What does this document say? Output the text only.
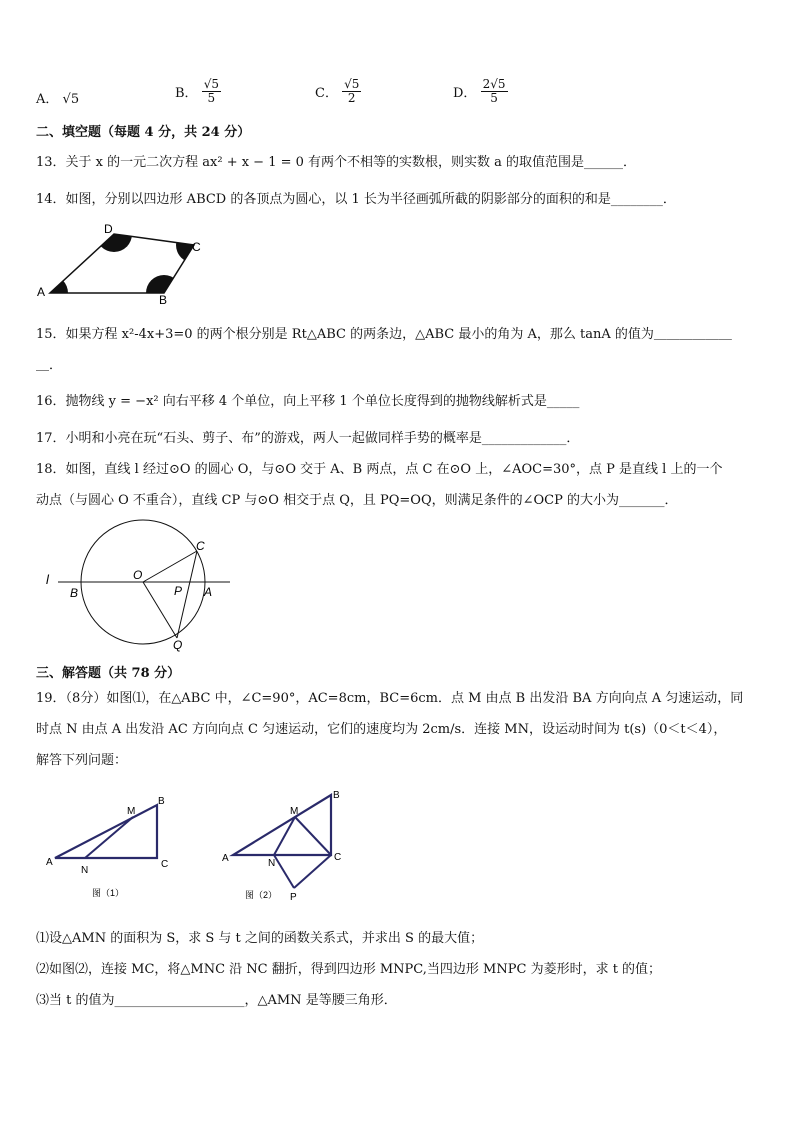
A． √5	B． $\frac{√5}{5}$	C． $\frac{√5}{2}$	D． $\frac{2√5}{5}$
二、填空题（每题 4 分，共 24 分）
13．关于 x 的一元二次方程 ax² + x − 1 = 0 有两个不相等的实数根，则实数 a 的取值范围是______．
14．如图，分别以四边形 ABCD 的各顶点为圆心，以 1 长为半径画弧所截的阴影部分的面积的和是________．
A
B
C
D
15．如果方程 x²-4x+3=0 的两个根分别是 Rt△ABC 的两条边，△ABC 最小的角为 A，那么 tanA 的值为＿＿＿＿＿＿
＿．
16．抛物线 y = −x² 向右平移 4 个单位，向上平移 1 个单位长度得到的抛物线解析式是_____
17．小明和小亮在玩“石头、剪子、布”的游戏，两人一起做同样手势的概率是_____________．
18．如图，直线 l 经过⊙O 的圆心 O，与⊙O 交于 A、B 两点，点 C 在⊙O 上，∠AOC=30°，点 P 是直线 l 上的一个
动点（与圆心 O 不重合），直线 CP 与⊙O 相交于点 Q，且 PQ=OQ，则满足条件的∠OCP 的大小为_______．
l
B
O
P A
C
Q
三、解答题（共 78 分）
19．（8分）如图⑴，在△ABC 中，∠C=90°，AC=8cm，BC=6cm．点 M 由点 B 出发沿 BA 方向向点 A 匀速运动，同
时点 N 由点 A 出发沿 AC 方向向点 C 匀速运动，它们的速度均为 2cm/s．连接 MN，设运动时间为 t(s)（0＜t＜4），
解答下列问题：
A
B
C
M
N
图（1）
A
B
C
M
N
P
图（2）
⑴设△AMN 的面积为 S，求 S 与 t 之间的函数关系式，并求出 S 的最大值；
⑵如图⑵，连接 MC，将△MNC 沿 NC 翻折，得到四边形 MNPC,当四边形 MNPC 为菱形时，求 t 的值；
⑶当 t 的值为____________________，△AMN 是等腰三角形．
